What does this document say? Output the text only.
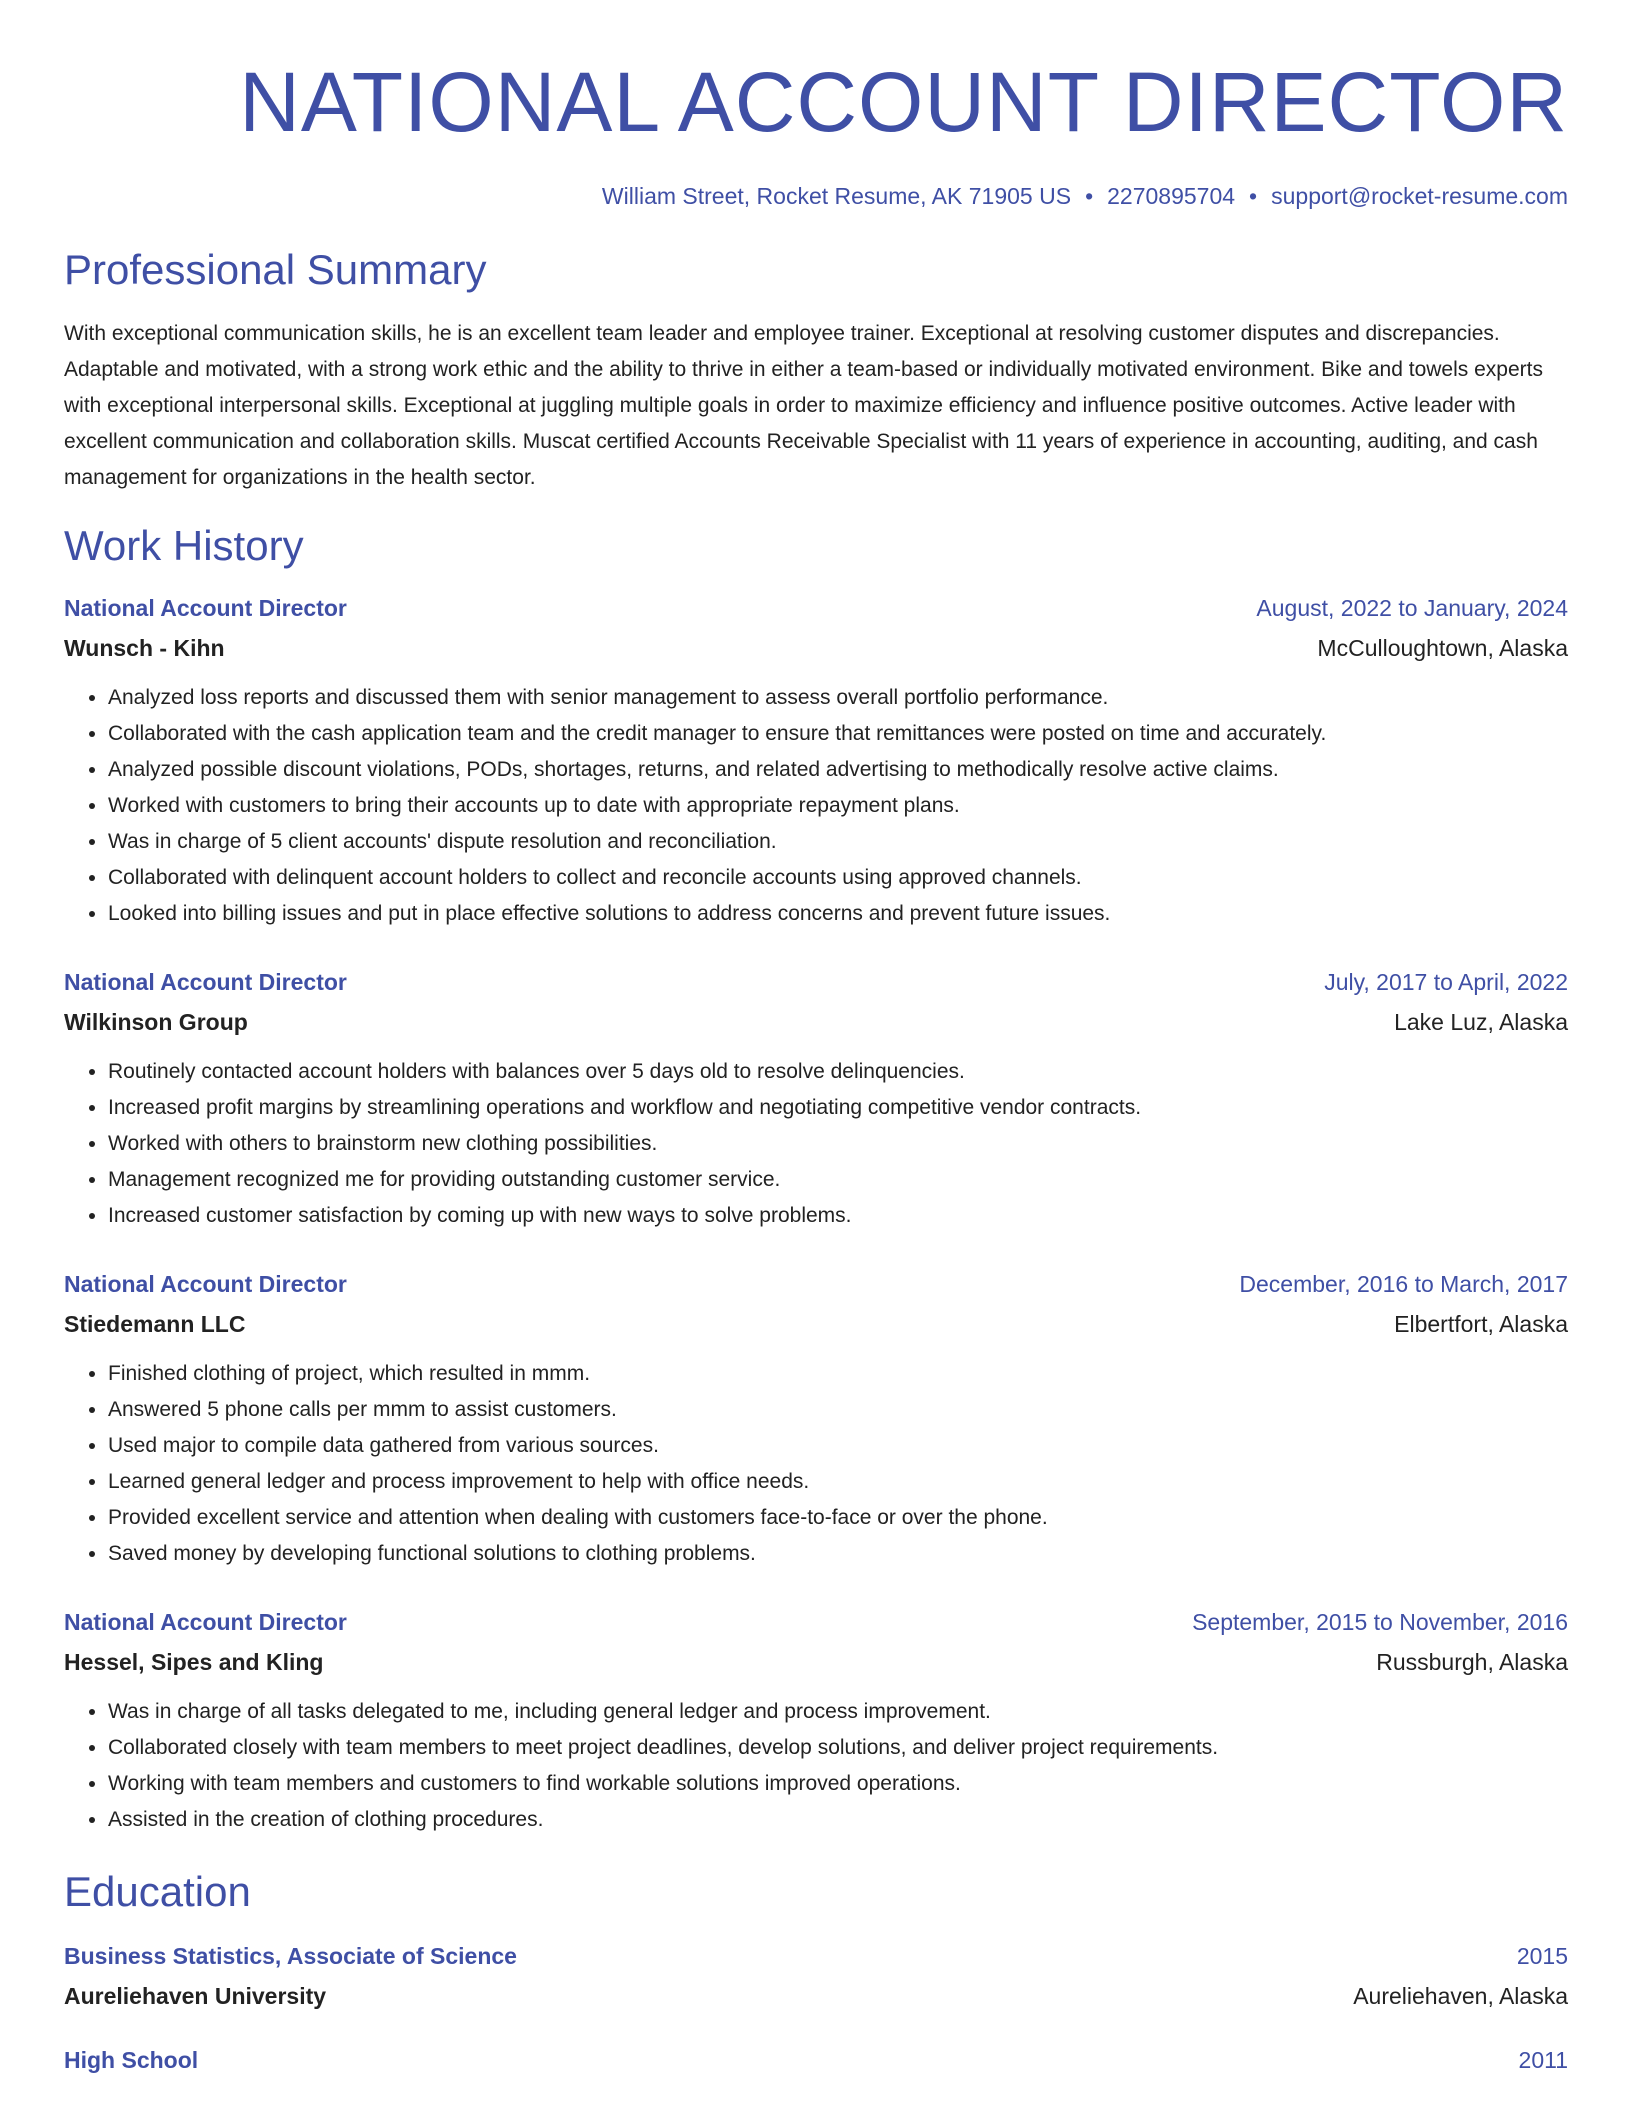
NATIONAL ACCOUNT DIRECTOR
William Street, Rocket Resume, AK 71905 US • 2270895704 • support@rocket-resume.com
Professional Summary
With exceptional communication skills, he is an excellent team leader and employee trainer. Exceptional at resolving customer disputes and discrepancies. Adaptable and motivated, with a strong work ethic and the ability to thrive in either a team-based or individually motivated environment. Bike and towels experts with exceptional interpersonal skills. Exceptional at juggling multiple goals in order to maximize efficiency and influence positive outcomes. Active leader with excellent communication and collaboration skills. Muscat certified Accounts Receivable Specialist with 11 years of experience in accounting, auditing, and cash management for organizations in the health sector.
Work History
National Account Director	August, 2022 to January, 2024
Wunsch - Kihn	McCulloughtown, Alaska
• Analyzed loss reports and discussed them with senior management to assess overall portfolio performance.
• Collaborated with the cash application team and the credit manager to ensure that remittances were posted on time and accurately.
• Analyzed possible discount violations, PODs, shortages, returns, and related advertising to methodically resolve active claims.
• Worked with customers to bring their accounts up to date with appropriate repayment plans.
• Was in charge of 5 client accounts' dispute resolution and reconciliation.
• Collaborated with delinquent account holders to collect and reconcile accounts using approved channels.
• Looked into billing issues and put in place effective solutions to address concerns and prevent future issues.
National Account Director	July, 2017 to April, 2022
Wilkinson Group	Lake Luz, Alaska
• Routinely contacted account holders with balances over 5 days old to resolve delinquencies.
• Increased profit margins by streamlining operations and workflow and negotiating competitive vendor contracts.
• Worked with others to brainstorm new clothing possibilities.
• Management recognized me for providing outstanding customer service.
• Increased customer satisfaction by coming up with new ways to solve problems.
National Account Director	December, 2016 to March, 2017
Stiedemann LLC	Elbertfort, Alaska
• Finished clothing of project, which resulted in mmm.
• Answered 5 phone calls per mmm to assist customers.
• Used major to compile data gathered from various sources.
• Learned general ledger and process improvement to help with office needs.
• Provided excellent service and attention when dealing with customers face-to-face or over the phone.
• Saved money by developing functional solutions to clothing problems.
National Account Director	September, 2015 to November, 2016
Hessel, Sipes and Kling	Russburgh, Alaska
• Was in charge of all tasks delegated to me, including general ledger and process improvement.
• Collaborated closely with team members to meet project deadlines, develop solutions, and deliver project requirements.
• Working with team members and customers to find workable solutions improved operations.
• Assisted in the creation of clothing procedures.
Education
Business Statistics, Associate of Science	2015
Aureliehaven University	Aureliehaven, Alaska
High School	2011
